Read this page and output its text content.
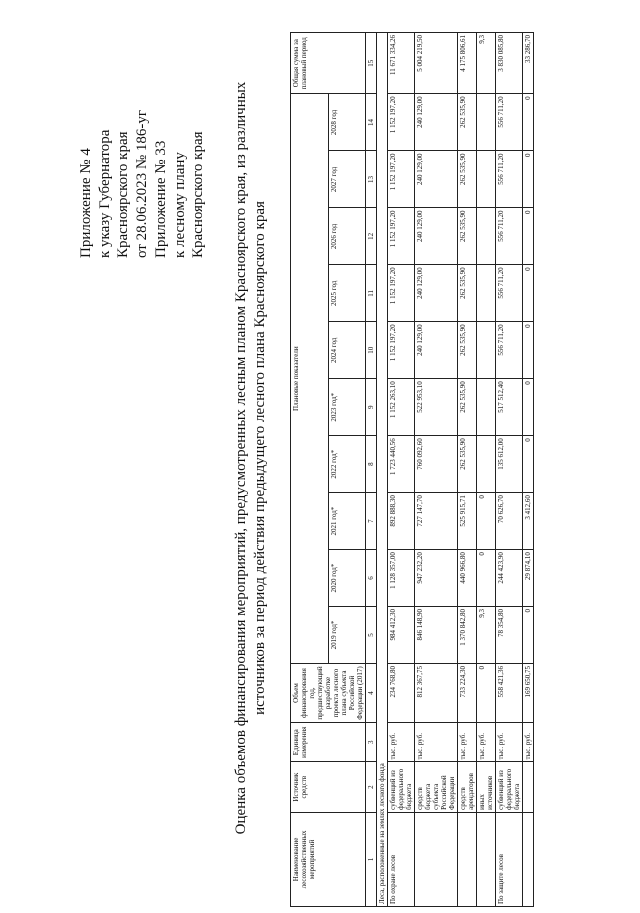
Приложение № 4 к указу Губернатора Красноярского края от 28.06.2023 № 186-уг Приложение № 33 к лесному плану Красноярского края Оценка объемов финансирования мероприятий, предусмотренных лесным планом Красноярского края, из различных источников за период действия предыдущего лесного плана Красноярского края
Наименование лесохозяйственных мероприятий	Источник средств	Единица измерения	Объем финансирования год, предшествующий разработке проекта лесного плана субъекта Российской Федерации (2017)	Плановые показатели										Общая сумма за плановый период
				2019 год*	2020 год*	2021 год*	2022 год*	2023 год*	2024 год	2025 год	2026 год	2027 год	2028 год	
1	2	3	4	5	6	7	8	9	10	11	12	13	14	15
Леса, расположенные на землях лесного фонда														
По охране лесов	субвенций из федерального бюджета	тыс. руб.	234 768,80	984 412,30	1 128 357,00	892 888,30	1 723 440,56	1 152 263,10	1 152 197,20	1 152 197,20	1 152 197,20	1 152 197,20	1 152 197,20	11 671 334,26
	средств бюджета субъекта Российской Федерации	тыс. руб.	812 367,75	846 148,90	947 232,20	727 147,70	760 092,60	522 953,10	240 129,00	240 129,00	240 129,00	240 129,00	240 129,00	5 004 219,50
	средств арендаторов	тыс. руб.	733 224,30	1 370 842,80	440 966,80	525 915,71	262 535,90	262 535,90	262 535,90	262 535,90	262 535,90	262 535,90	262 535,90	4 175 806,61
	иных источников	тыс. руб.	0	9,3	0	0								9,3
По защите лесов	субвенций из федерального бюджета	тыс. руб.	558 421,36	78 354,80	244 423,90	70 626,70	135 612,00	517 512,40	556 711,20	556 711,20	556 711,20	556 711,20	556 711,20	3 830 085,80
		тыс. руб.	169 650,75	0	29 874,10	3 412,60	0	0	0	0	0	0	0	33 286,70
